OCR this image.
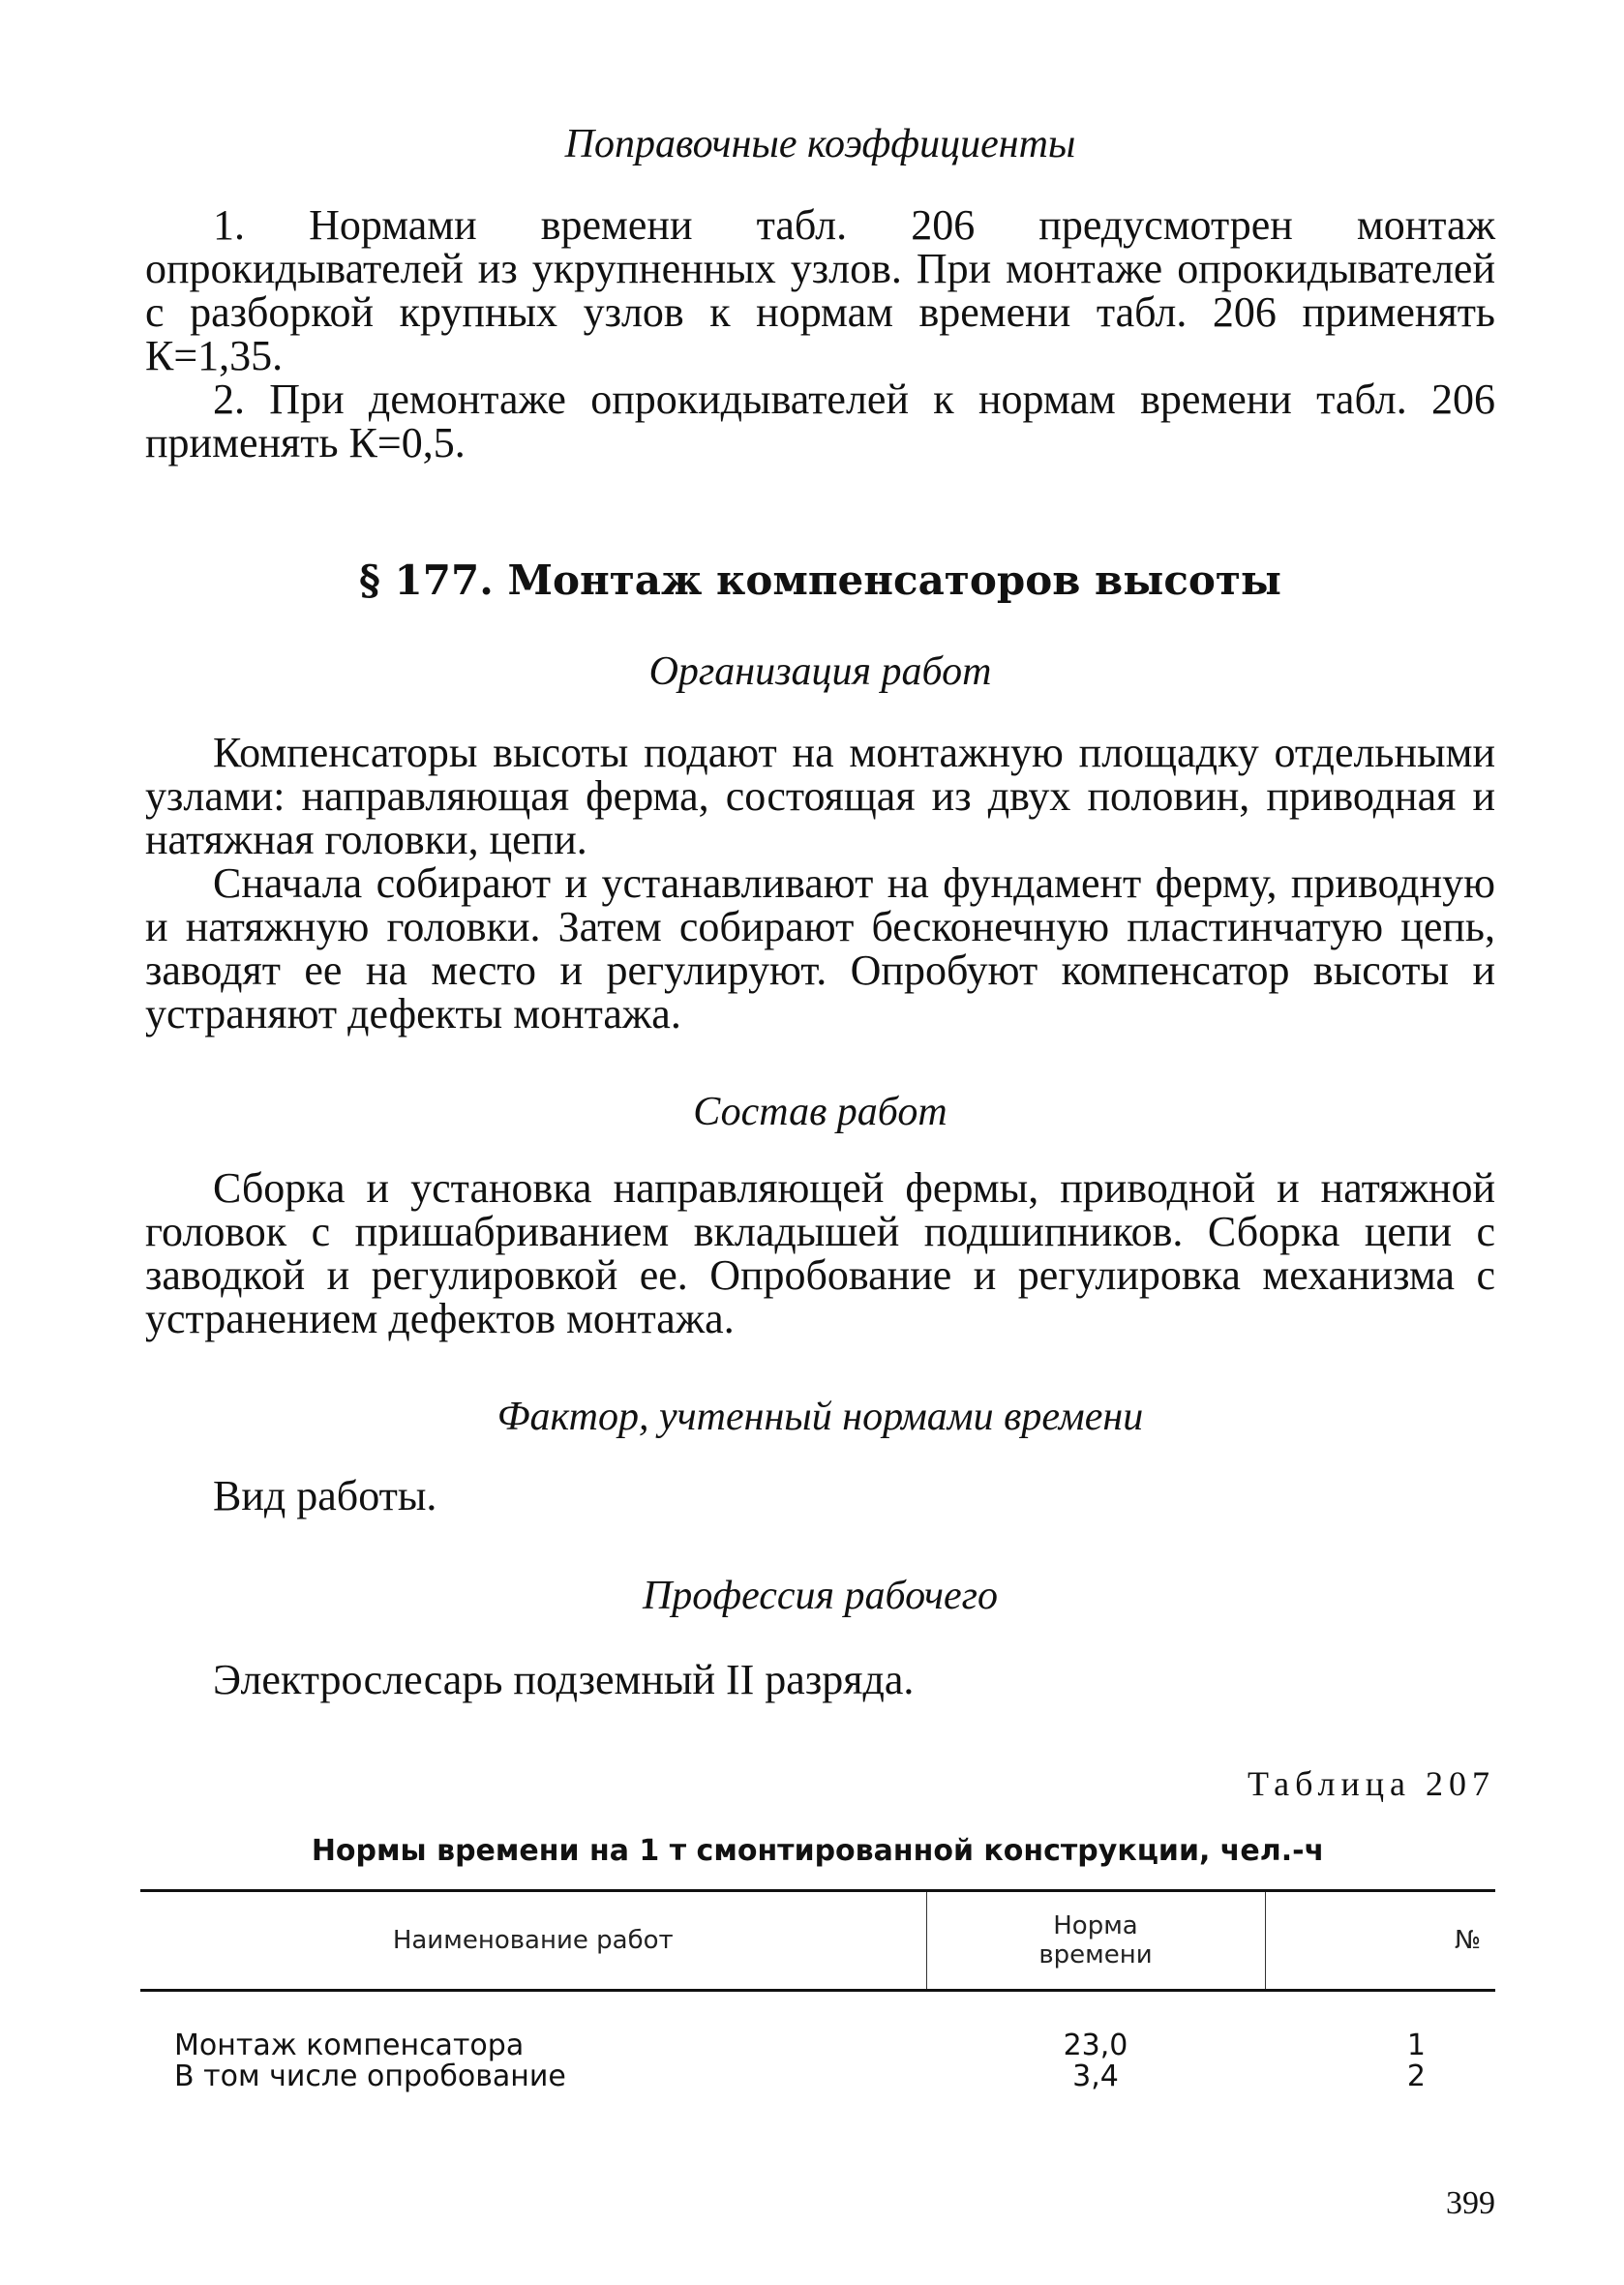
Поправочные коэффициенты

1. Нормами времени табл. 206 предусмотрен монтаж опрокидывателей из укрупненных узлов. При монтаже опрокидывателей с разборкой крупных узлов к нормам времени табл. 206 применять К=1,35.

2. При демонтаже опрокидывателей к нормам времени табл. 206 применять К=0,5.

§ 177. Монтаж компенсаторов высоты

Организация работ

Компенсаторы высоты подают на монтажную площадку отдельными узлами: направляющая ферма, состоящая из двух половин, приводная и натяжная головки, цепи.

Сначала собирают и устанавливают на фундамент ферму, приводную и натяжную головки. Затем собирают бесконечную пластинчатую цепь, заводят ее на место и регулируют. Опробуют компенсатор высоты и устраняют дефекты монтажа.

Состав работ

Сборка и установка направляющей фермы, приводной и натяжной головок с пришабриванием вкладышей подшипников. Сборка цепи с заводкой и регулировкой ее. Опробование и регулировка механизма с устранением дефектов монтажа.

Фактор, учтенный нормами времени

Вид работы.

Профессия рабочего

Электрослесарь подземный II разряда.

Таблица 207

Нормы времени на 1 т смонтированной конструкции, чел.-ч

Наименование работ	Норма времени	№
Монтаж компенсатора	23,0	1
В том числе опробование	3,4	2

399
